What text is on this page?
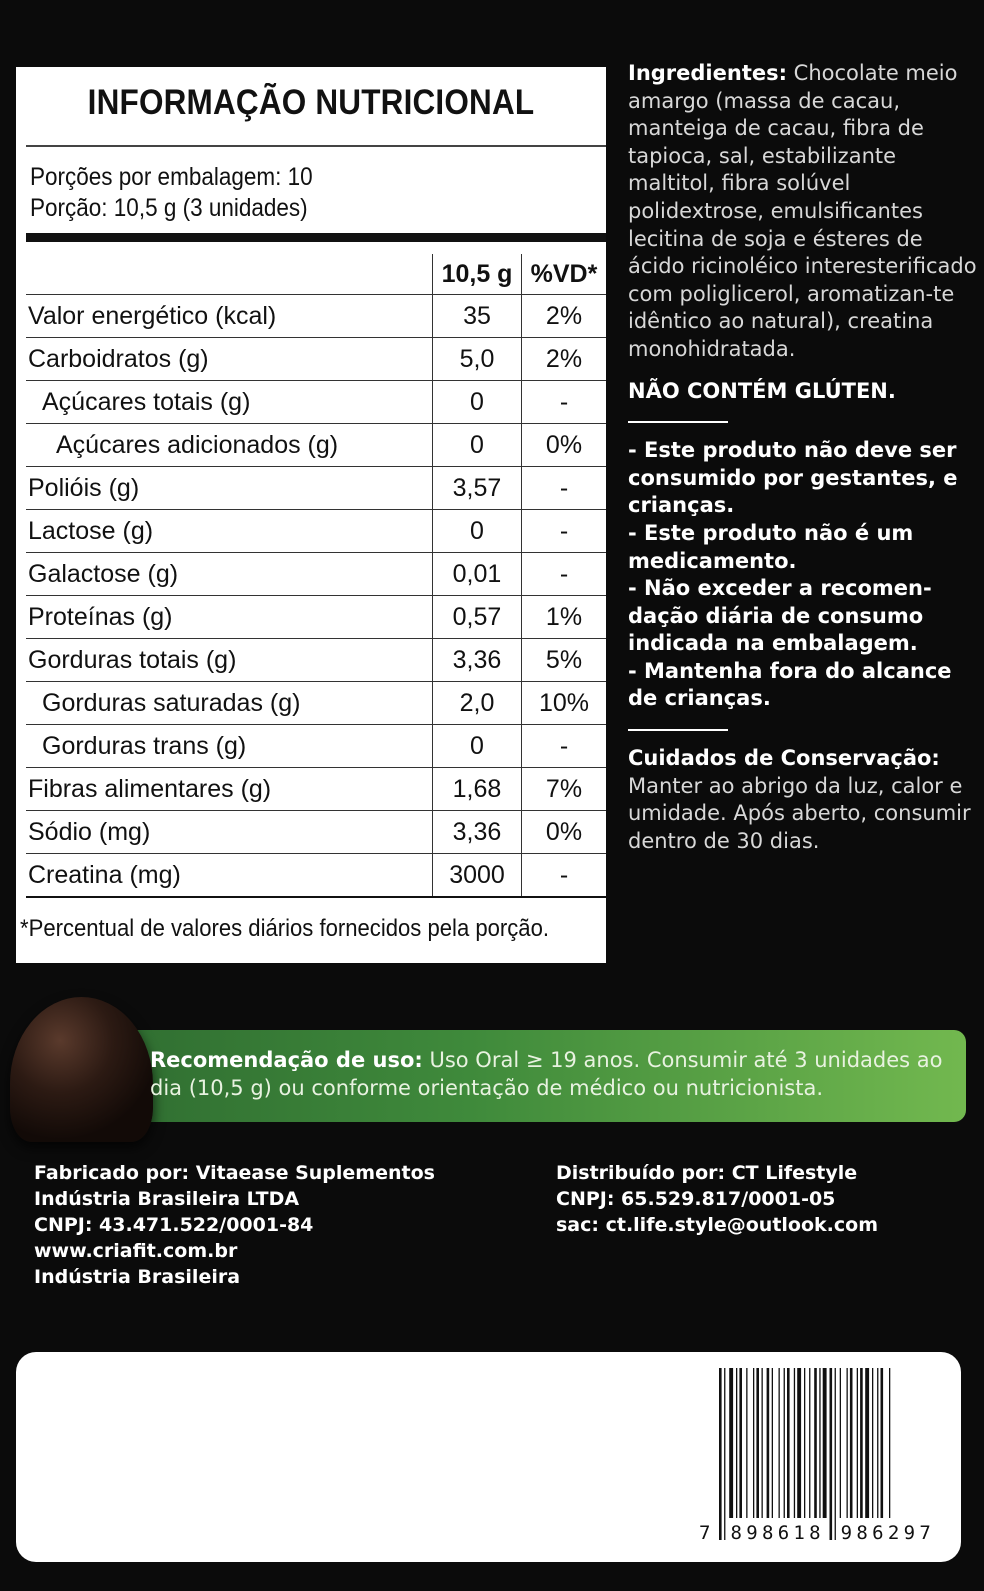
INFORMAÇÃO NUTRICIONAL
Porções por embalagem: 10
Porção: 10,5 g (3 unidades)
	10,5 g	%VD*
Valor energético (kcal)	35	2%
Carboidratos (g)	5,0	2%
Açúcares totais (g)	0	-
Açúcares adicionados (g)	0	0%
Polióis (g)	3,57	-
Lactose (g)	0	-
Galactose (g)	0,01	-
Proteínas (g)	0,57	1%
Gorduras totais (g)	3,36	5%
Gorduras saturadas (g)	2,0	10%
Gorduras trans (g)	0	-
Fibras alimentares (g)	1,68	7%
Sódio (mg)	3,36	0%
Creatina (mg)	3000	-
*Percentual de valores diários fornecidos pela porção.
Ingredientes: Chocolate meio amargo (massa de cacau, manteiga de cacau, fibra de tapioca, sal, estabilizante maltitol, fibra solúvel polidextrose, emulsificantes lecitina de soja e ésteres de ácido ricinoléico interesterificado com poliglicerol, aromatizan-te idêntico ao natural), creatina monohidratada.
NÃO CONTÉM GLÚTEN.
- Este produto não deve ser consumido por gestantes, e crianças.
- Este produto não é um medicamento.
- Não exceder a recomen-dação diária de consumo indicada na embalagem.
- Mantenha fora do alcance de crianças.
Cuidados de Conservação:
Manter ao abrigo da luz, calor e umidade. Após aberto, consumir dentro de 30 dias.
Recomendação de uso: Uso Oral ≥ 19 anos. Consumir até 3 unidades ao dia (10,5 g) ou conforme orientação de médico ou nutricionista.
Fabricado por: Vitaease Suplementos
Indústria Brasileira LTDA
CNPJ: 43.471.522/0001-84
www.criafit.com.br
Indústria Brasileira
Distribuído por: CT Lifestyle
CNPJ: 65.529.817/0001-05
sac: ct.life.style@outlook.com
7 898618 986297
